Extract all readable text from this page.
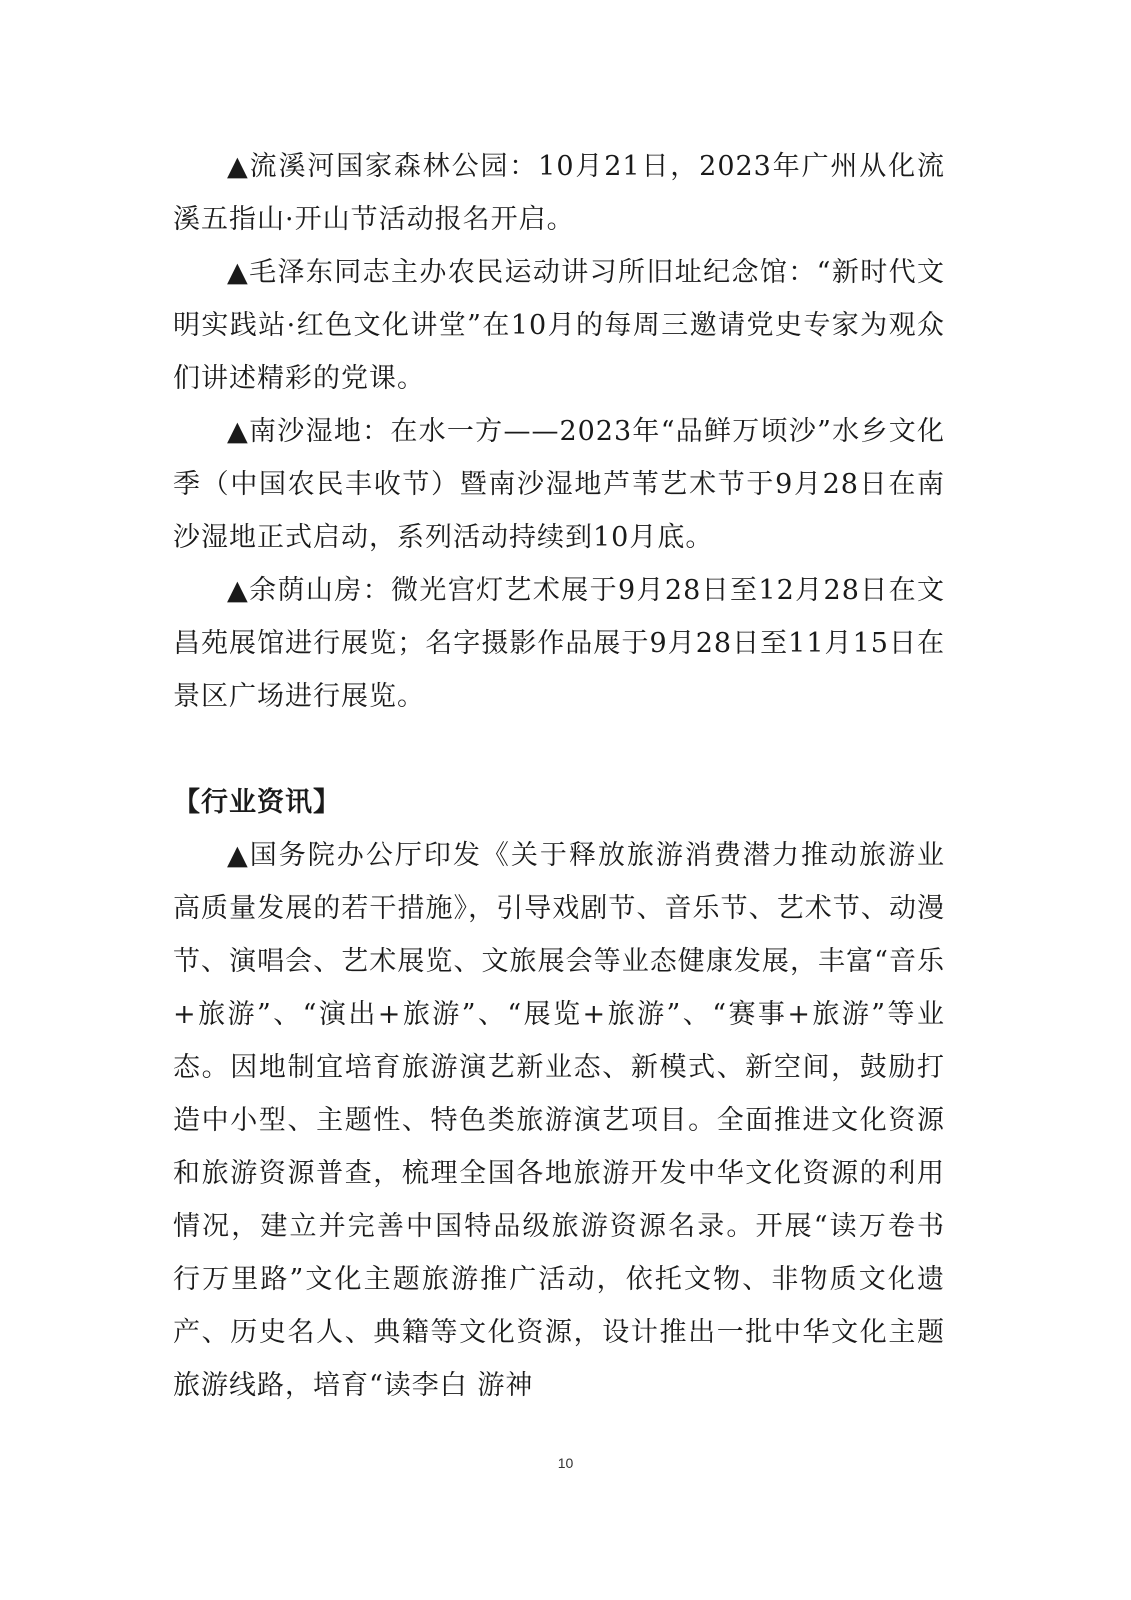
▲流溪河国家森林公园：10月21日，2023年广州从化流溪五指山·开山节活动报名开启。

▲毛泽东同志主办农民运动讲习所旧址纪念馆：“新时代文明实践站·红色文化讲堂”在10月的每周三邀请党史专家为观众们讲述精彩的党课。

▲南沙湿地：在水一方——2023年“品鲜万顷沙”水乡文化季（中国农民丰收节）暨南沙湿地芦苇艺术节于9月28日在南沙湿地正式启动，系列活动持续到10月底。

▲余荫山房：微光宫灯艺术展于9月28日至12月28日在文昌苑展馆进行展览；名字摄影作品展于9月28日至11月15日在景区广场进行展览。

【行业资讯】

▲国务院办公厅印发《关于释放旅游消费潜力推动旅游业高质量发展的若干措施》，引导戏剧节、音乐节、艺术节、动漫节、演唱会、艺术展览、文旅展会等业态健康发展，丰富“音乐+旅游”、“演出+旅游”、“展览+旅游”、“赛事+旅游”等业态。因地制宜培育旅游演艺新业态、新模式、新空间，鼓励打造中小型、主题性、特色类旅游演艺项目。全面推进文化资源和旅游资源普查，梳理全国各地旅游开发中华文化资源的利用情况，建立并完善中国特品级旅游资源名录。开展“读万卷书 行万里路”文化主题旅游推广活动，依托文物、非物质文化遗产、历史名人、典籍等文化资源，设计推出一批中华文化主题旅游线路，培育“读李白 游神

10
